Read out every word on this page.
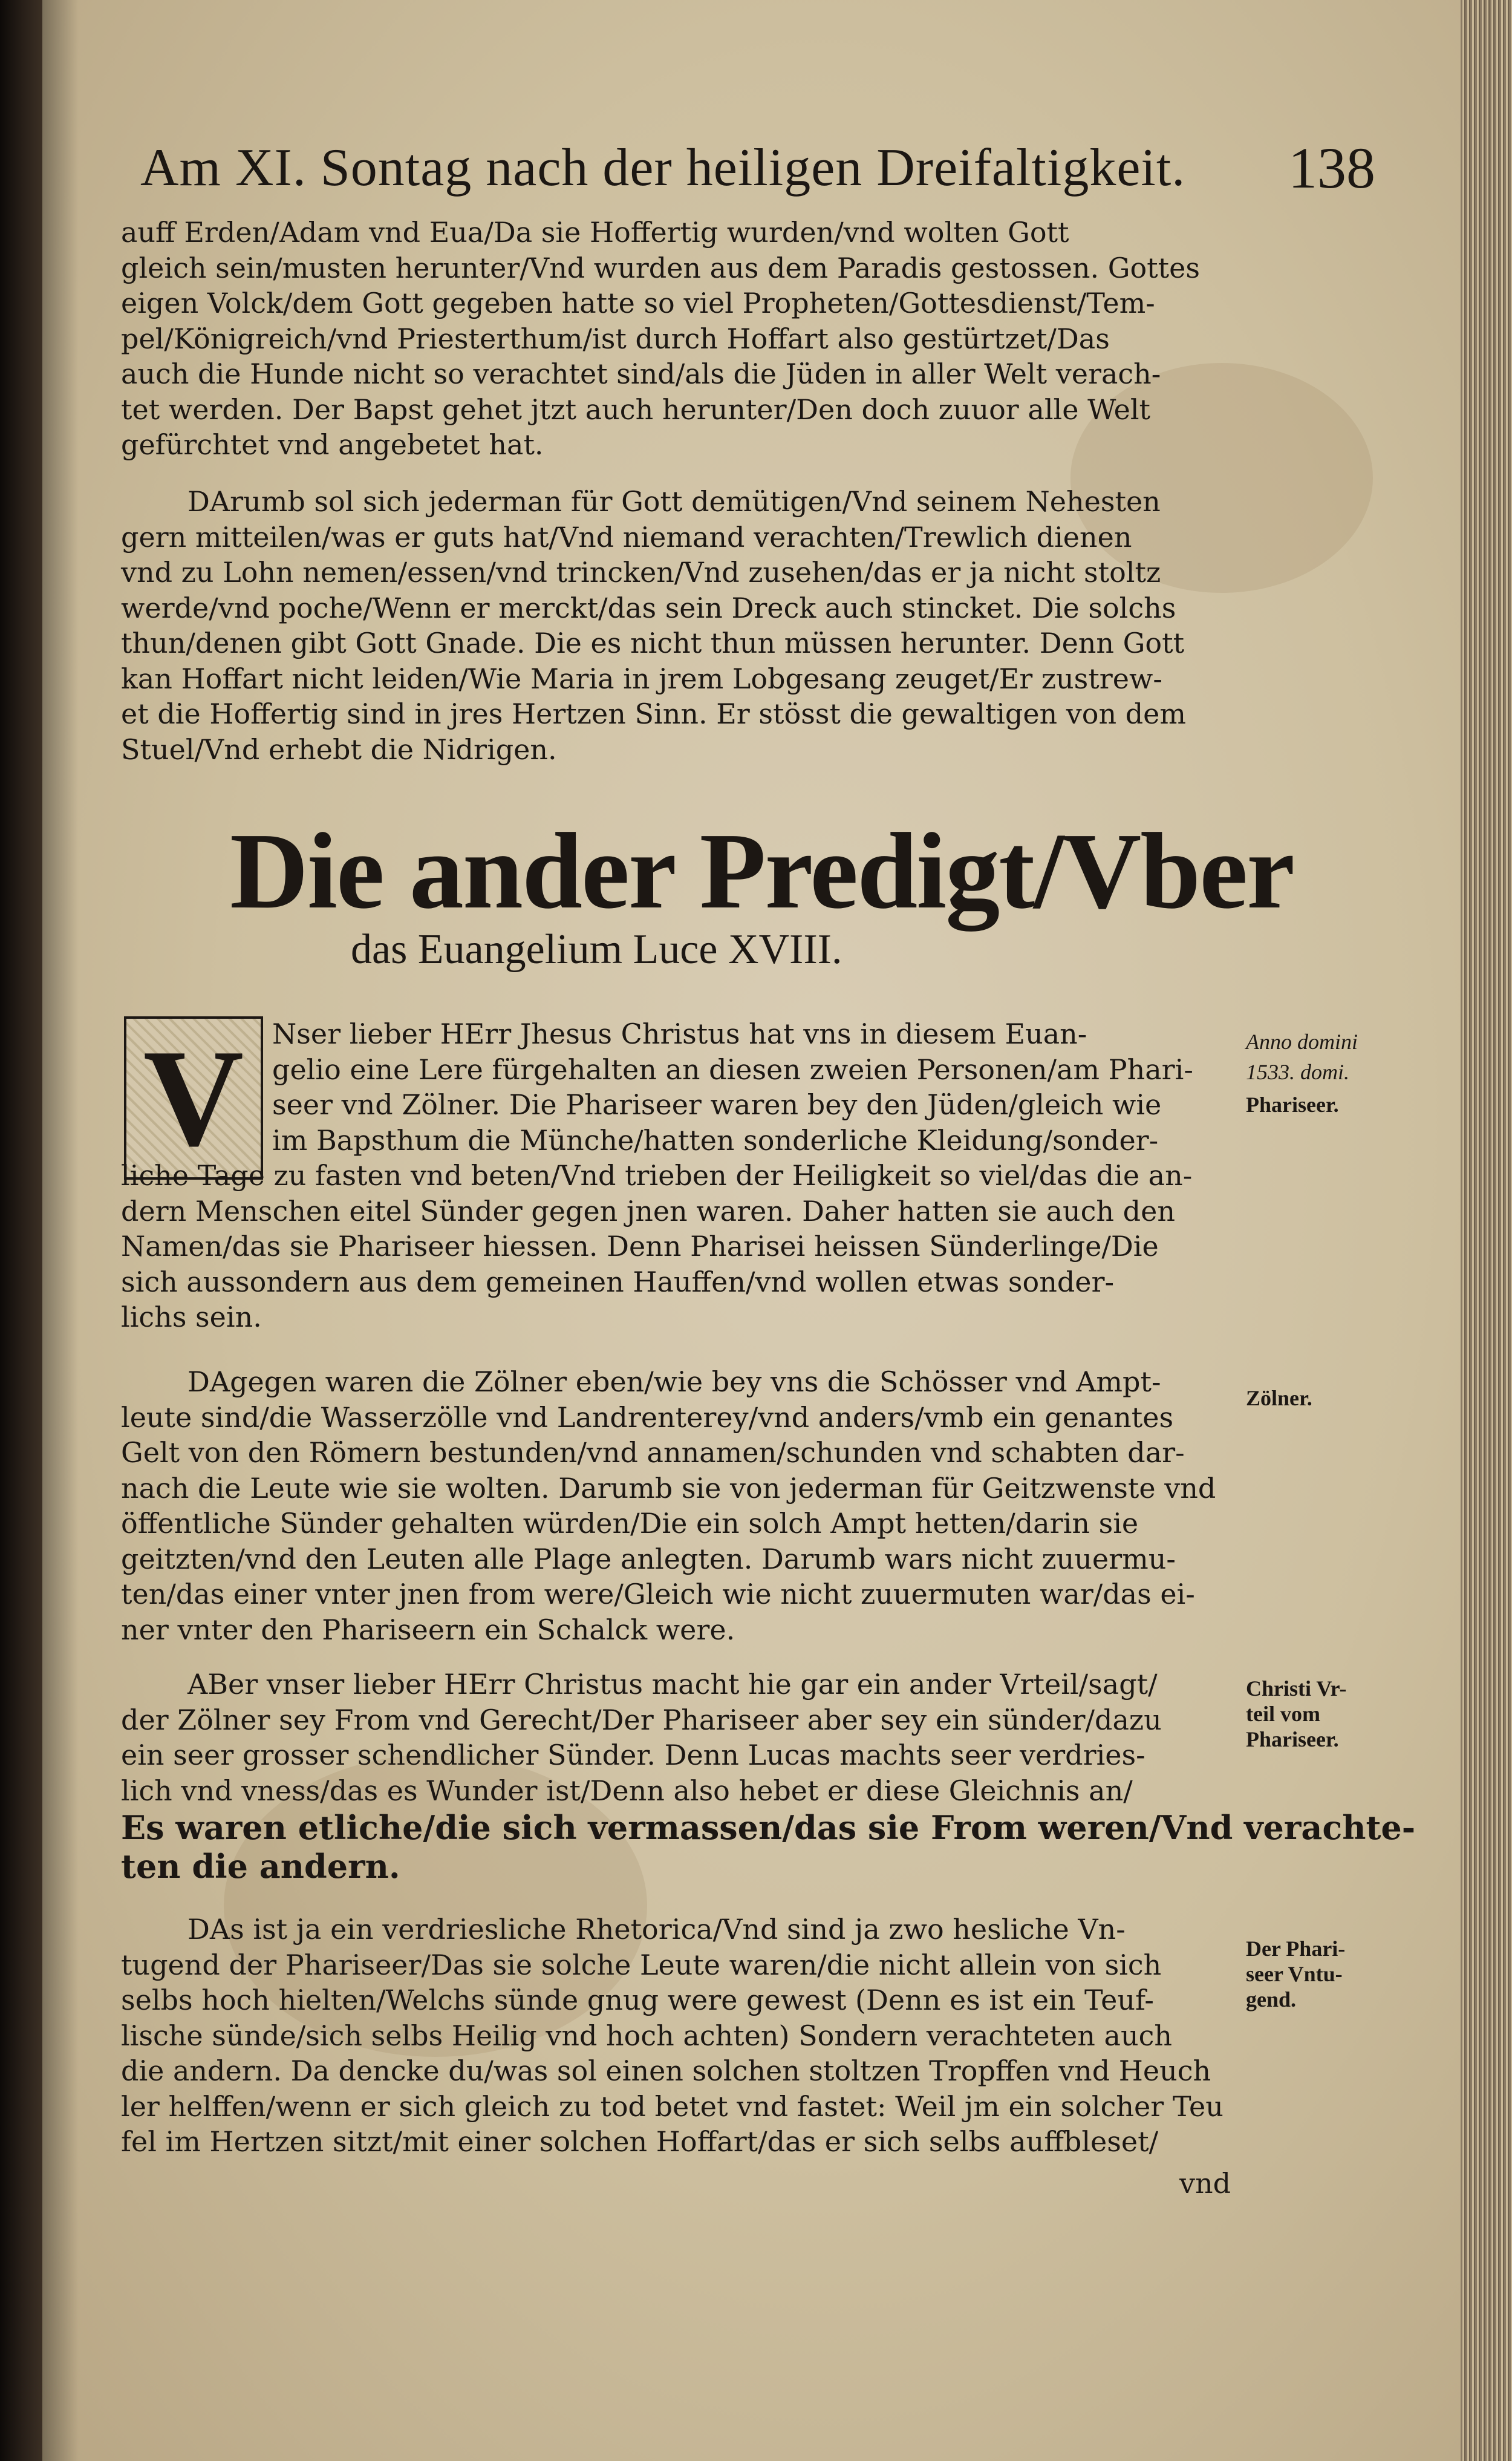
Am XI. Sontag nach der heiligen Dreifaltigkeit. 138
auff Erden/Adam vnd Eua/Da sie Hoffertig wurden/vnd wolten Gott
gleich sein/musten herunter/Vnd wurden aus dem Paradis gestossen. Gottes
eigen Volck/dem Gott gegeben hatte so viel Propheten/Gottesdienst/Tem-
pel/Königreich/vnd Priesterthum/ist durch Hoffart also gestürtzet/Das
auch die Hunde nicht so verachtet sind/als die Jüden in aller Welt verach-
tet werden. Der Bapst gehet jtzt auch herunter/Den doch zuuor alle Welt
gefürchtet vnd angebetet hat.
DArumb sol sich jederman für Gott demütigen/Vnd seinem Nehesten
gern mitteilen/was er guts hat/Vnd niemand verachten/Trewlich dienen
vnd zu Lohn nemen/essen/vnd trincken/Vnd zusehen/das er ja nicht stoltz
werde/vnd poche/Wenn er merckt/das sein Dreck auch stincket. Die solchs
thun/denen gibt Gott Gnade. Die es nicht thun müssen herunter. Denn Gott
kan Hoffart nicht leiden/Wie Maria in jrem Lobgesang zeuget/Er zustrew-
et die Hoffertig sind in jres Hertzen Sinn. Er stösst die gewaltigen von dem
Stuel/Vnd erhebt die Nidrigen.
Die ander Predigt/Vber
das Euangelium Luce XVIII.
V	Nser lieber HErr Jhesus Christus hat vns in diesem Euan-
gelio eine Lere fürgehalten an diesen zweien Personen/am Phari-
seer vnd Zölner. Die Phariseer waren bey den Jüden/gleich wie
im Bapsthum die Münche/hatten sonderliche Kleidung/sonder-
liche Tage zu fasten vnd beten/Vnd trieben der Heiligkeit so viel/das die an-
dern Menschen eitel Sünder gegen jnen waren. Daher hatten sie auch den
Namen/das sie Phariseer hiessen. Denn Pharisei heissen Sünderlinge/Die
sich aussondern aus dem gemeinen Hauffen/vnd wollen etwas sonder-
lichs sein.
DAgegen waren die Zölner eben/wie bey vns die Schösser vnd Ampt-
leute sind/die Wasserzölle vnd Landrenterey/vnd anders/vmb ein genantes
Gelt von den Römern bestunden/vnd annamen/schunden vnd schabten dar-
nach die Leute wie sie wolten. Darumb sie von jederman für Geitzwenste vnd
öffentliche Sünder gehalten würden/Die ein solch Ampt hetten/darin sie
geitzten/vnd den Leuten alle Plage anlegten. Darumb wars nicht zuuermu-
ten/das einer vnter jnen from were/Gleich wie nicht zuuermuten war/das ei-
ner vnter den Phariseern ein Schalck were.
ABer vnser lieber HErr Christus macht hie gar ein ander Vrteil/sagt/
der Zölner sey From vnd Gerecht/Der Phariseer aber sey ein sünder/dazu
ein seer grosser schendlicher Sünder. Denn Lucas machts seer verdries-
lich vnd vness/das es Wunder ist/Denn also hebet er diese Gleichnis an/
Es waren etliche/die sich vermassen/das sie From weren/Vnd verachte-
ten die andern.
DAs ist ja ein verdriesliche Rhetorica/Vnd sind ja zwo hesliche Vn-
tugend der Phariseer/Das sie solche Leute waren/die nicht allein von sich
selbs hoch hielten/Welchs sünde gnug were gewest (Denn es ist ein Teuf-
lische sünde/sich selbs Heilig vnd hoch achten) Sondern verachteten auch
die andern. Da dencke du/was sol einen solchen stoltzen Tropffen vnd Heuch
ler helffen/wenn er sich gleich zu tod betet vnd fastet: Weil jm ein solcher Teu
fel im Hertzen sitzt/mit einer solchen Hoffart/das er sich selbs auffbleset/
vnd
Anno domini
1533. domi.
Phariseer.
Zölner.
Christi Vr-
teil vom
Phariseer.
Der Phari-
seer Vntu-
gend.
